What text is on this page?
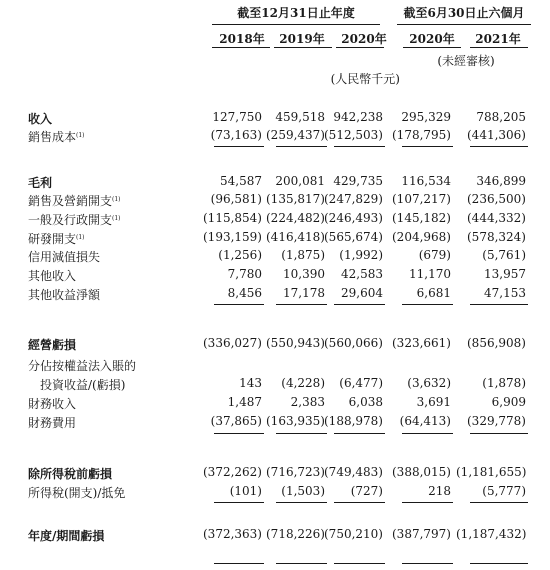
截至12月31日止年度	截至6月30日止六個月
2018年	2019年	2020年	2020年	2021年
(未經審核)
(人民幣千元)
收入	127,750	459,518 942,238	295,329	788,205
銷售成本$^{(1)}$	(73,163) (259,437) (512,503) (178,795)	(441,306)
毛利	54,587	200,081 429,735	116,534	346,899
銷售及營銷開支$^{(1)}$	(96,581) (135,817) (247,829) (107,217)	(236,500)
一般及行政開支$^{(1)}$	(115,854) (224,482) (246,493) (145,182)	(444,332)
研發開支$^{(1)}$	(193,159) (416,418) (565,674) (204,968)	(578,324)
信用減值損失	(1,256)	(1,875)	(1,992)	(679)	(5,761)
其他收入	7,780	10,390	42,583	11,170	13,957
其他收益淨額	8,456	17,178	29,604	6,681	47,153
經營虧損	(336,027) (550,943) (560,066) (323,661)	(856,908)
分佔按權益法入賬的
投資收益/(虧損)	143	(4,228)	(6,477)	(3,632)	(1,878)
財務收入	1,487	2,383	6,038	3,691	6,909
財務費用	(37,865) (163,935) (188,978)	(64,413)	(329,778)
除所得稅前虧損	(372,262) (716,723) (749,483) (388,015) (1,181,655)
所得稅(開支)/抵免	(101)	(1,503)	(727)	218	(5,777)
年度/期間虧損	(372,363) (718,226) (750,210) (387,797) (1,187,432)
